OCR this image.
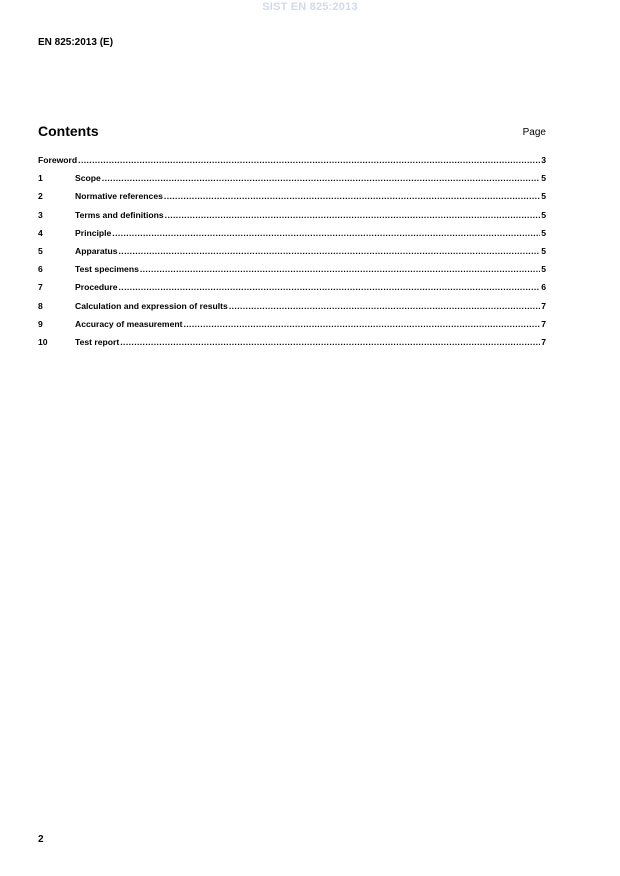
SIST EN 825:2013
EN 825:2013 (E)
Contents	Page
Foreword .....	3
1	Scope .....	5
2	Normative references .....	5
3	Terms and definitions .....	5
4	Principle .....	5
5	Apparatus .....	5
6	Test specimens .....	5
7	Procedure .....	6
8	Calculation and expression of results .....	7
9	Accuracy of measurement .....	7
10	Test report .....	7
2
